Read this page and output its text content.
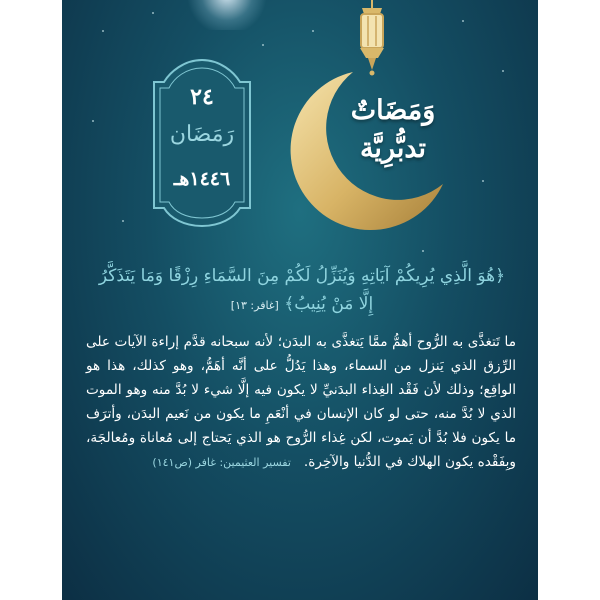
٢٤
رَمَضَان
١٤٤٦هـ
وَمَضَاتٌ
تدبُّرِيَّة
﴿هُوَ الَّذِي يُرِيكُمْ آيَاتِهِ وَيُنَزِّلُ لَكُمْ مِنَ السَّمَاءِ رِزْقًا وَمَا يَتَذَكَّرُ إِلَّا مَنْ يُنِيبُ﴾ [غافر: ١٣]
ما تَتغذَّى به الرُّوح أهمُّ ممَّا يَتغذَّى به البدَن؛ لأنه سبحانه قدَّم إراءة الآيات على الرِّزق الذي يَنزل من السماء، وهذا يَدُلُّ على أنَّه أهَمُّ، وهو كذلك، هذا هو الواقِع؛ وذلك لأن فَقْد الغِذاء البدَنيِّ لا يكون فيه إلَّا شيء لا بُدَّ منه وهو الموت الذي لا بُدَّ منه، حتى لو كان الإنسان في أنْعَمِ ما يكون من نَعيم البدَن، وأترَف ما يكون فلا بُدَّ أن يَموت، لكن غِذاء الرُّوح هو الذي يَحتاج إلى مُعاناة ومُعالجَة، وبِفَقْده يكون الهلاك في الدُّنيا والآخِرة.   تفسير العثيمين: غافر (ص١٤١)
